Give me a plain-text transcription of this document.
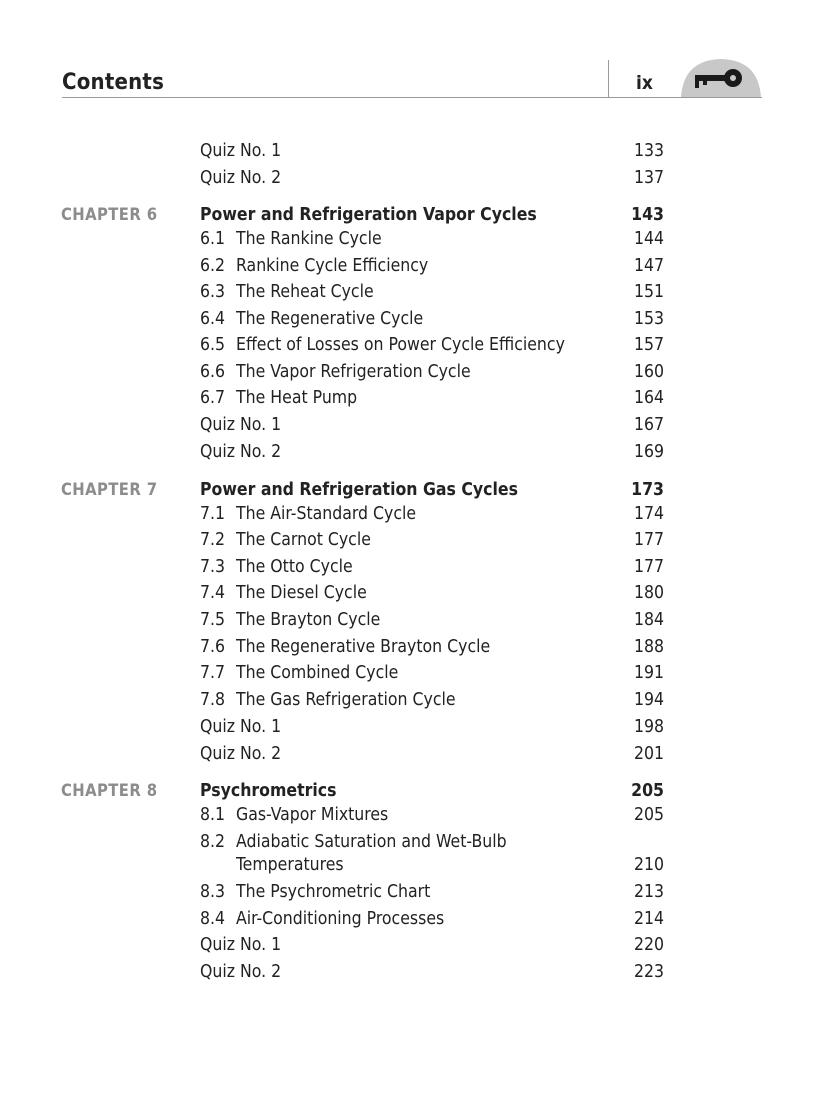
Contents	ix
Quiz No. 1	133
Quiz No. 2	137
CHAPTER 6 Power and Refrigeration Vapor Cycles	143
6.1 The Rankine Cycle	144
6.2 Rankine Cycle Efficiency	147
6.3 The Reheat Cycle	151
6.4 The Regenerative Cycle	153
6.5 Effect of Losses on Power Cycle Efficiency	157
6.6 The Vapor Refrigeration Cycle	160
6.7 The Heat Pump	164
Quiz No. 1	167
Quiz No. 2	169
CHAPTER 7 Power and Refrigeration Gas Cycles	173
7.1 The Air-Standard Cycle	174
7.2 The Carnot Cycle	177
7.3 The Otto Cycle	177
7.4 The Diesel Cycle	180
7.5 The Brayton Cycle	184
7.6 The Regenerative Brayton Cycle	188
7.7 The Combined Cycle	191
7.8 The Gas Refrigeration Cycle	194
Quiz No. 1	198
Quiz No. 2	201
CHAPTER 8 Psychrometrics	205
8.1 Gas-Vapor Mixtures	205
8.2 Adiabatic Saturation and Wet-Bulb
Temperatures	210
8.3 The Psychrometric Chart	213
8.4 Air-Conditioning Processes	214
Quiz No. 1	220
Quiz No. 2	223
